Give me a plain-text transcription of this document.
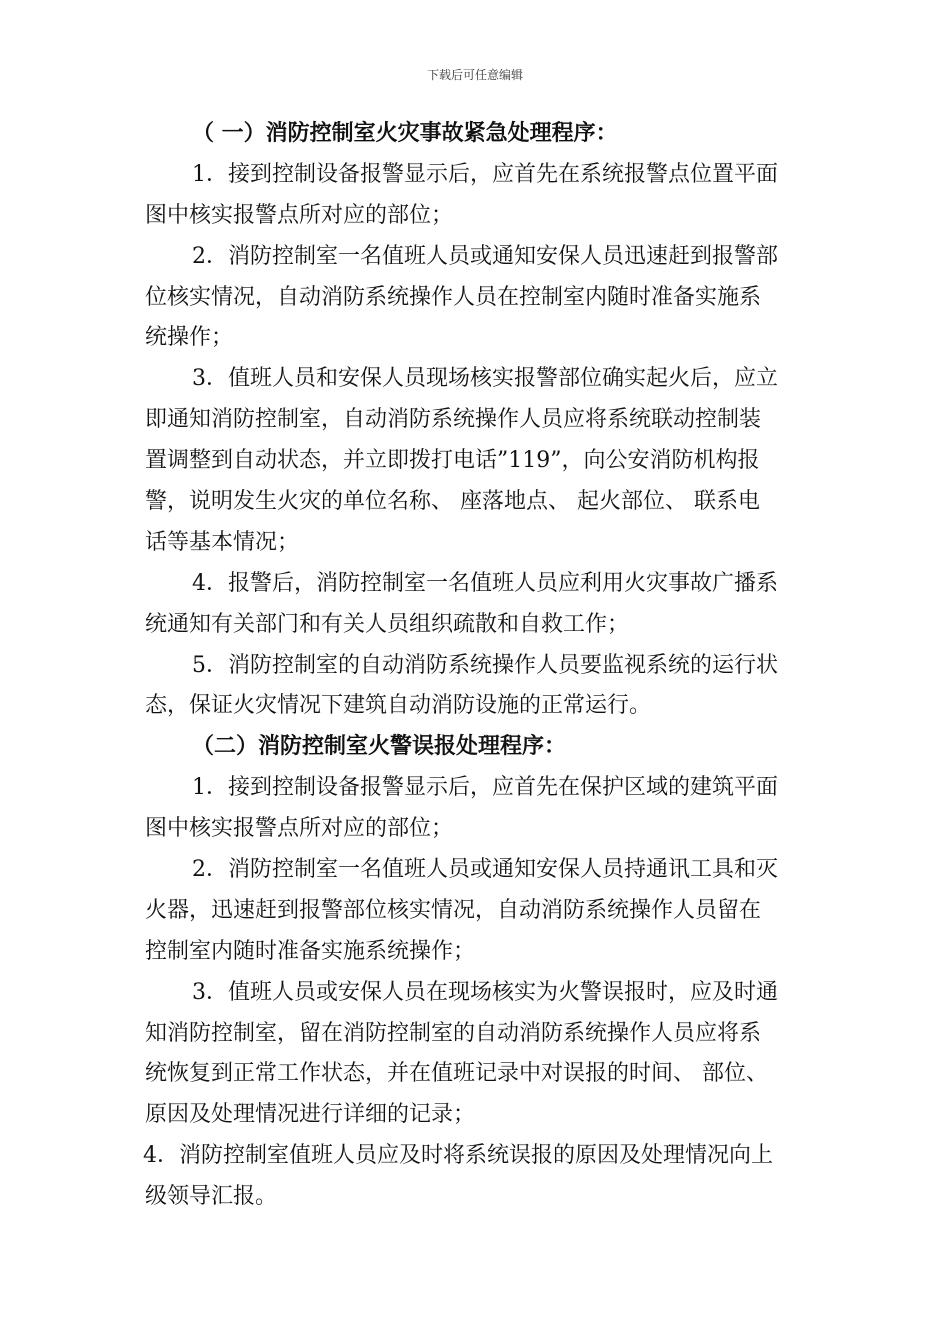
下载后可任意编辑
（ 一）消防控制室火灾事故紧急处理程序：
1．接到控制设备报警显示后，应首先在系统报警点位置平面
图中核实报警点所对应的部位；
2．消防控制室一名值班人员或通知安保人员迅速赶到报警部
位核实情况，自动消防系统操作人员在控制室内随时准备实施系
统操作；
3．值班人员和安保人员现场核实报警部位确实起火后，应立
即通知消防控制室，自动消防系统操作人员应将系统联动控制装
置调整到自动状态，并立即拨打电话”119”，向公安消防机构报
警，说明发生火灾的单位名称、 座落地点、 起火部位、 联系电
话等基本情况；
4．报警后，消防控制室一名值班人员应利用火灾事故广播系
统通知有关部门和有关人员组织疏散和自救工作；
5．消防控制室的自动消防系统操作人员要监视系统的运行状
态，保证火灾情况下建筑自动消防设施的正常运行。
（二）消防控制室火警误报处理程序：
1．接到控制设备报警显示后，应首先在保护区域的建筑平面
图中核实报警点所对应的部位；
2．消防控制室一名值班人员或通知安保人员持通讯工具和灭
火器，迅速赶到报警部位核实情况，自动消防系统操作人员留在
控制室内随时准备实施系统操作；
3．值班人员或安保人员在现场核实为火警误报时，应及时通
知消防控制室，留在消防控制室的自动消防系统操作人员应将系
统恢复到正常工作状态，并在值班记录中对误报的时间、 部位、
原因及处理情况进行详细的记录；
4．消防控制室值班人员应及时将系统误报的原因及处理情况向上
级领导汇报。
